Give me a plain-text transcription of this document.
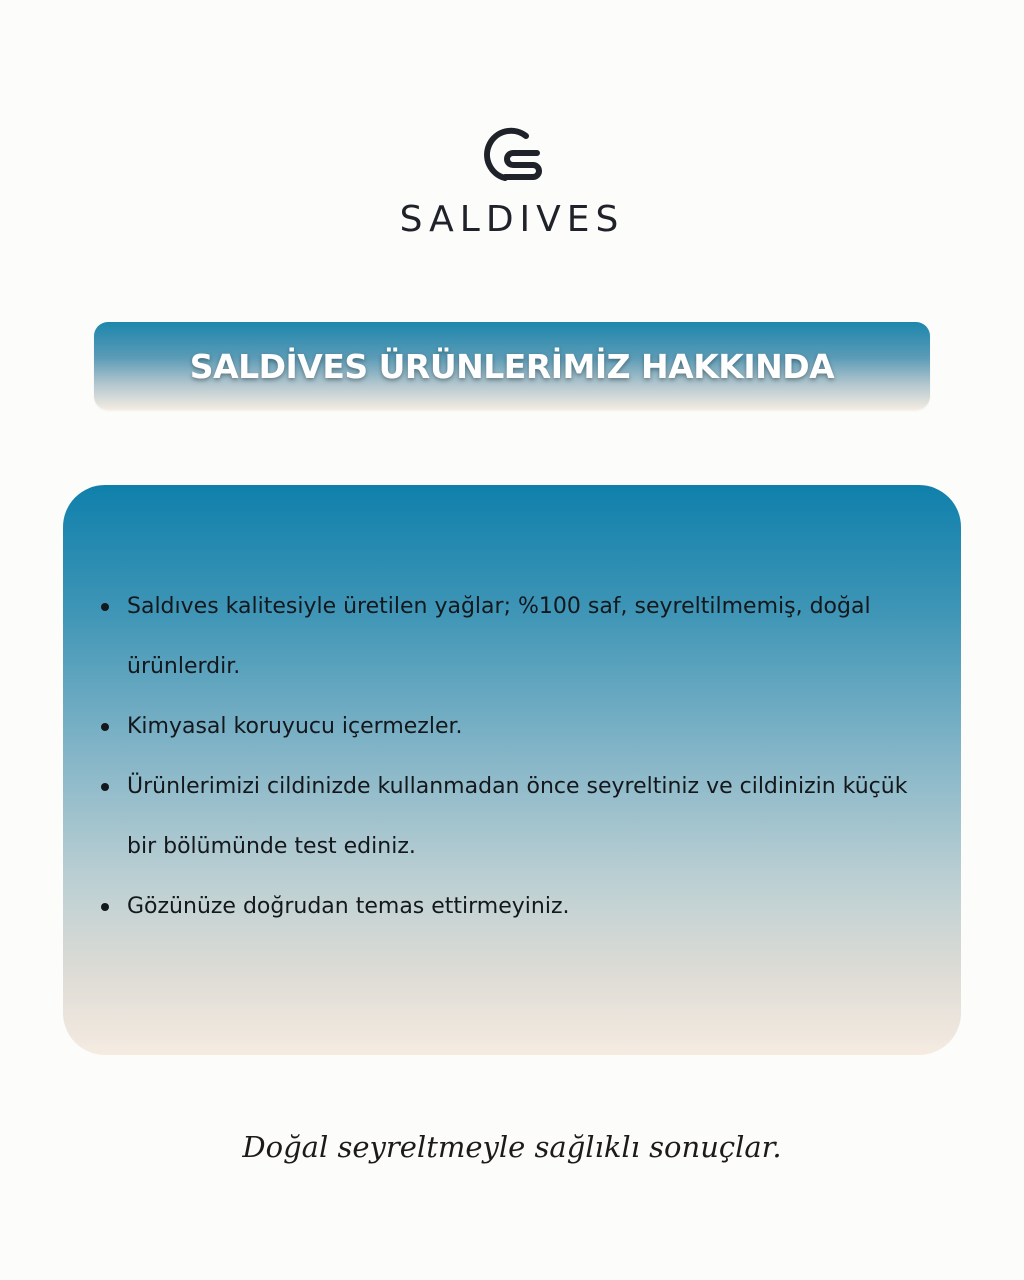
SALDIVES
SALDİVES ÜRÜNLERİMİZ HAKKINDA
Saldıves kalitesiyle üretilen yağlar; %100 saf, seyreltilmemiş, doğal ürünlerdir.
Kimyasal koruyucu içermezler.
Ürünlerimizi cildinizde kullanmadan önce seyreltiniz ve cildinizin küçük bir bölümünde test ediniz.
Gözünüze doğrudan temas ettirmeyiniz.
Doğal seyreltmeyle sağlıklı sonuçlar.
